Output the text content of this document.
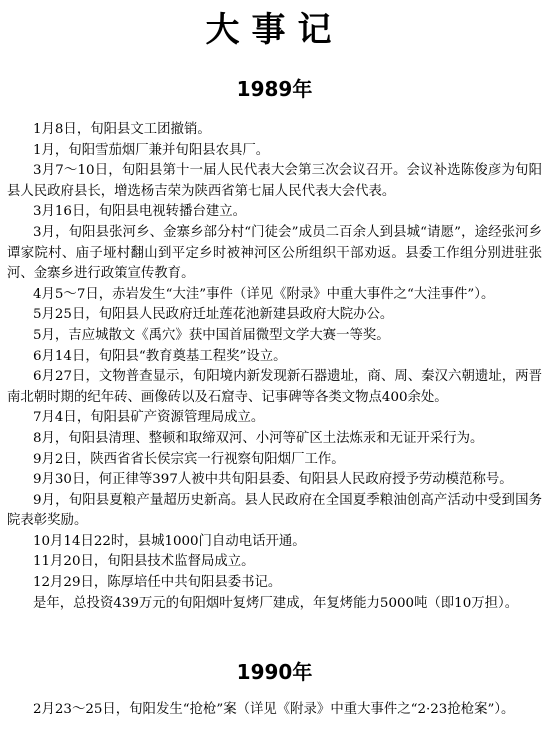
大事记
1989年
1月8日，旬阳县文工团撤销。
1月，旬阳雪茄烟厂兼并旬阳县农具厂。
3月7～10日，旬阳县第十一届人民代表大会第三次会议召开。会议补选陈俊彦为旬阳县人民政府县长，增选杨吉荣为陕西省第七届人民代表大会代表。
3月16日，旬阳县电视转播台建立。
3月，旬阳县张河乡、金寨乡部分村“门徒会”成员二百余人到县城“请愿”，途经张河乡谭家院村、庙子垭村翻山到平定乡时被神河区公所组织干部劝返。县委工作组分别进驻张河、金寨乡进行政策宣传教育。
4月5～7日，赤岩发生“大洼”事件（详见《附录》中重大事件之“大洼事件”）。
5月25日，旬阳县人民政府迁址莲花池新建县政府大院办公。
5月，吉应城散文《禹穴》获中国首届微型文学大赛一等奖。
6月14日，旬阳县“教育奠基工程奖”设立。
6月27日，文物普查显示，旬阳境内新发现新石器遗址，商、周、秦汉六朝遗址，两晋南北朝时期的纪年砖、画像砖以及石窟寺、记事碑等各类文物点400余处。
7月4日，旬阳县矿产资源管理局成立。
8月，旬阳县清理、整顿和取缔双河、小河等矿区土法炼汞和无证开采行为。
9月2日，陕西省省长侯宗宾一行视察旬阳烟厂工作。
9月30日，何正律等397人被中共旬阳县委、旬阳县人民政府授予劳动模范称号。
9月，旬阳县夏粮产量超历史新高。县人民政府在全国夏季粮油创高产活动中受到国务院表彰奖励。
10月14日22时，县城1000门自动电话开通。
11月20日，旬阳县技术监督局成立。
12月29日，陈厚培任中共旬阳县委书记。
是年，总投资439万元的旬阳烟叶复烤厂建成，年复烤能力5000吨（即10万担）。
1990年
2月23～25日，旬阳发生“抢枪”案（详见《附录》中重大事件之“2·23抢枪案”）。
